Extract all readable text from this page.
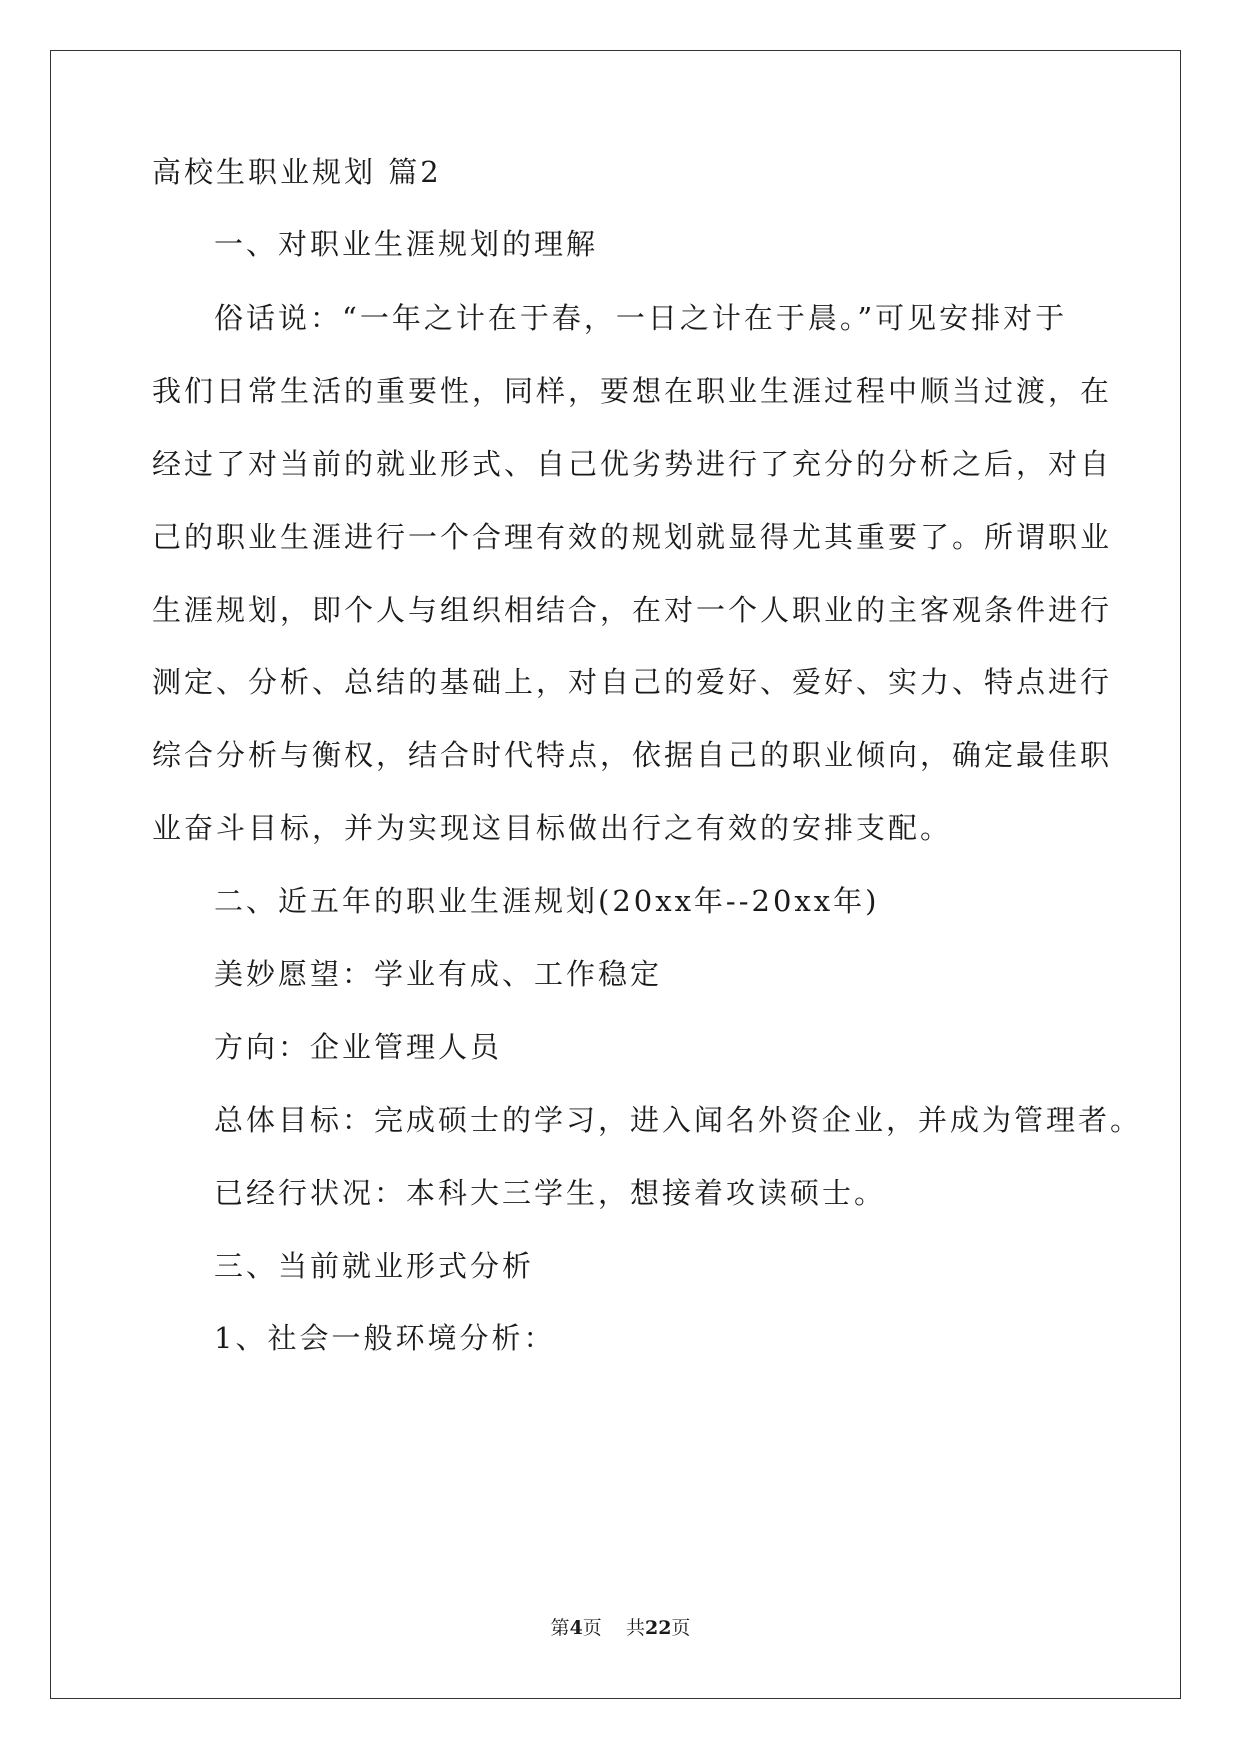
高校生职业规划 篇2
一、对职业生涯规划的理解
俗话说：“一年之计在于春，一日之计在于晨。”可见安排对于
我们日常生活的重要性，同样，要想在职业生涯过程中顺当过渡，在
经过了对当前的就业形式、自己优劣势进行了充分的分析之后，对自
己的职业生涯进行一个合理有效的规划就显得尤其重要了。所谓职业
生涯规划，即个人与组织相结合，在对一个人职业的主客观条件进行
测定、分析、总结的基础上，对自己的爱好、爱好、实力、特点进行
综合分析与衡权，结合时代特点，依据自己的职业倾向，确定最佳职
业奋斗目标，并为实现这目标做出行之有效的安排支配。
二、近五年的职业生涯规划(20xx年--20xx年)
美妙愿望：学业有成、工作稳定
方向：企业管理人员
总体目标：完成硕士的学习，进入闻名外资企业，并成为管理者。
已经行状况：本科大三学生，想接着攻读硕士。
三、当前就业形式分析
1、社会一般环境分析：
第4页    共22页
